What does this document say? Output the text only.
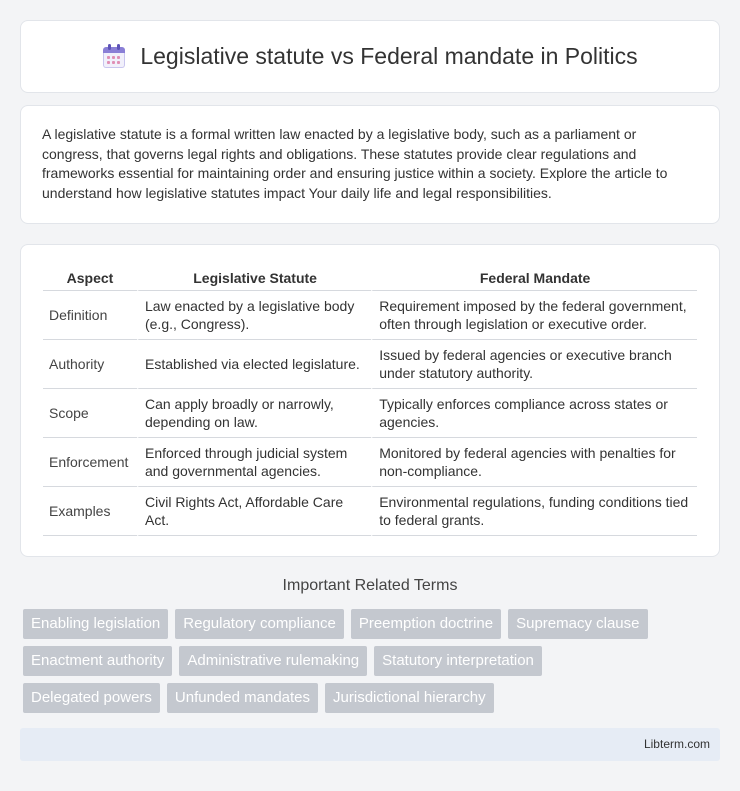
Legislative statute vs Federal mandate in Politics

A legislative statute is a formal written law enacted by a legislative body, such as a parliament or congress, that governs legal rights and obligations. These statutes provide clear regulations and frameworks essential for maintaining order and ensuring justice within a society. Explore the article to understand how legislative statutes impact Your daily life and legal responsibilities.

Aspect	Legislative Statute	Federal Mandate
Definition	Law enacted by a legislative body (e.g., Congress).	Requirement imposed by the federal government, often through legislation or executive order.
Authority	Established via elected legislature.	Issued by federal agencies or executive branch under statutory authority.
Scope	Can apply broadly or narrowly, depending on law.	Typically enforces compliance across states or agencies.
Enforcement	Enforced through judicial system and governmental agencies.	Monitored by federal agencies with penalties for non-compliance.
Examples	Civil Rights Act, Affordable Care Act.	Environmental regulations, funding conditions tied to federal grants.
Important Related Terms
Enabling legislation	Regulatory compliance	Preemption doctrine	Supremacy clause
Enactment authority	Administrative rulemaking	Statutory interpretation
Delegated powers	Unfunded mandates	Jurisdictional hierarchy
Libterm.com
